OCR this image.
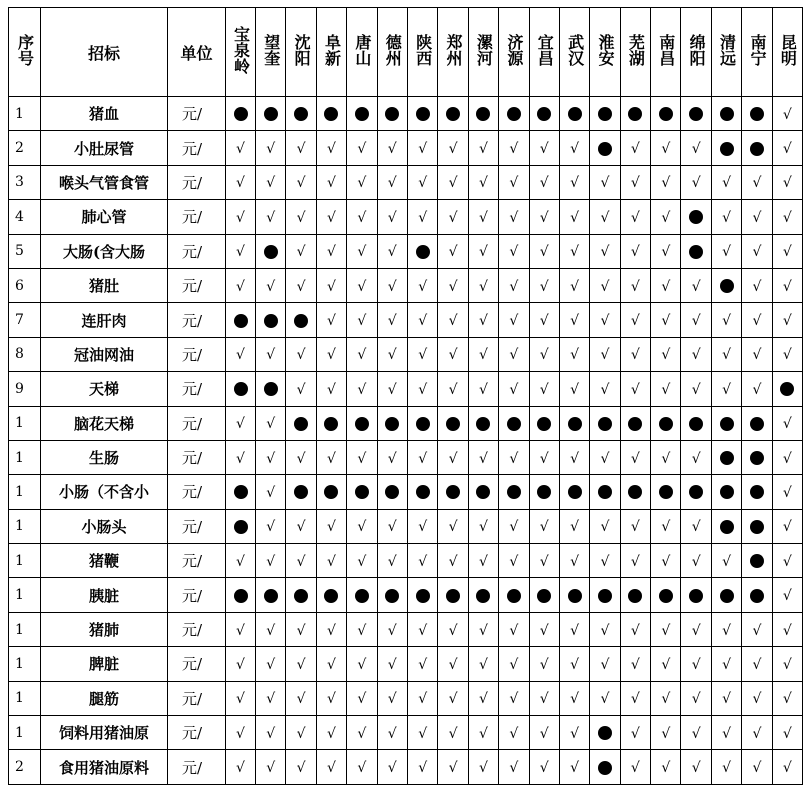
序号	招标	单位	宝泉岭	望奎	沈阳	阜新	唐山	德州	陕西	郑州	漯河	济源	宜昌	武汉	淮安	芜湖	南昌	绵阳	清远	南宁	昆明
1	猪血	元/																			√
2	小肚尿管	元/	√	√	√	√	√	√	√	√	√	√	√	√		√	√	√			√
3	喉头气管食管	元/	√	√	√	√	√	√	√	√	√	√	√	√	√	√	√	√	√	√	√
4	肺心管	元/	√	√	√	√	√	√	√	√	√	√	√	√	√	√	√		√	√	√
5	大肠(含大肠	元/	√		√	√	√	√		√	√	√	√	√	√	√	√		√	√	√
6	猪肚	元/	√	√	√	√	√	√	√	√	√	√	√	√	√	√	√	√		√	√
7	连肝肉	元/				√	√	√	√	√	√	√	√	√	√	√	√	√	√	√	√
8	冠油网油	元/	√	√	√	√	√	√	√	√	√	√	√	√	√	√	√	√	√	√	√
9	天梯	元/			√	√	√	√	√	√	√	√	√	√	√	√	√	√	√	√	
1	脑花天梯	元/	√	√																	√
1	生肠	元/	√	√	√	√	√	√	√	√	√	√	√	√	√	√	√	√			√
1	小肠（不含小	元/		√																	√
1	小肠头	元/		√	√	√	√	√	√	√	√	√	√	√	√	√	√	√			√
1	猪鞭	元/	√	√	√	√	√	√	√	√	√	√	√	√	√	√	√	√	√		√
1	胰脏	元/																			√
1	猪肺	元/	√	√	√	√	√	√	√	√	√	√	√	√	√	√	√	√	√	√	√
1	脾脏	元/	√	√	√	√	√	√	√	√	√	√	√	√	√	√	√	√	√	√	√
1	腿筋	元/	√	√	√	√	√	√	√	√	√	√	√	√	√	√	√	√	√	√	√
1	饲料用猪油原	元/	√	√	√	√	√	√	√	√	√	√	√	√		√	√	√	√	√	√
2	食用猪油原料	元/	√	√	√	√	√	√	√	√	√	√	√	√		√	√	√	√	√	√
